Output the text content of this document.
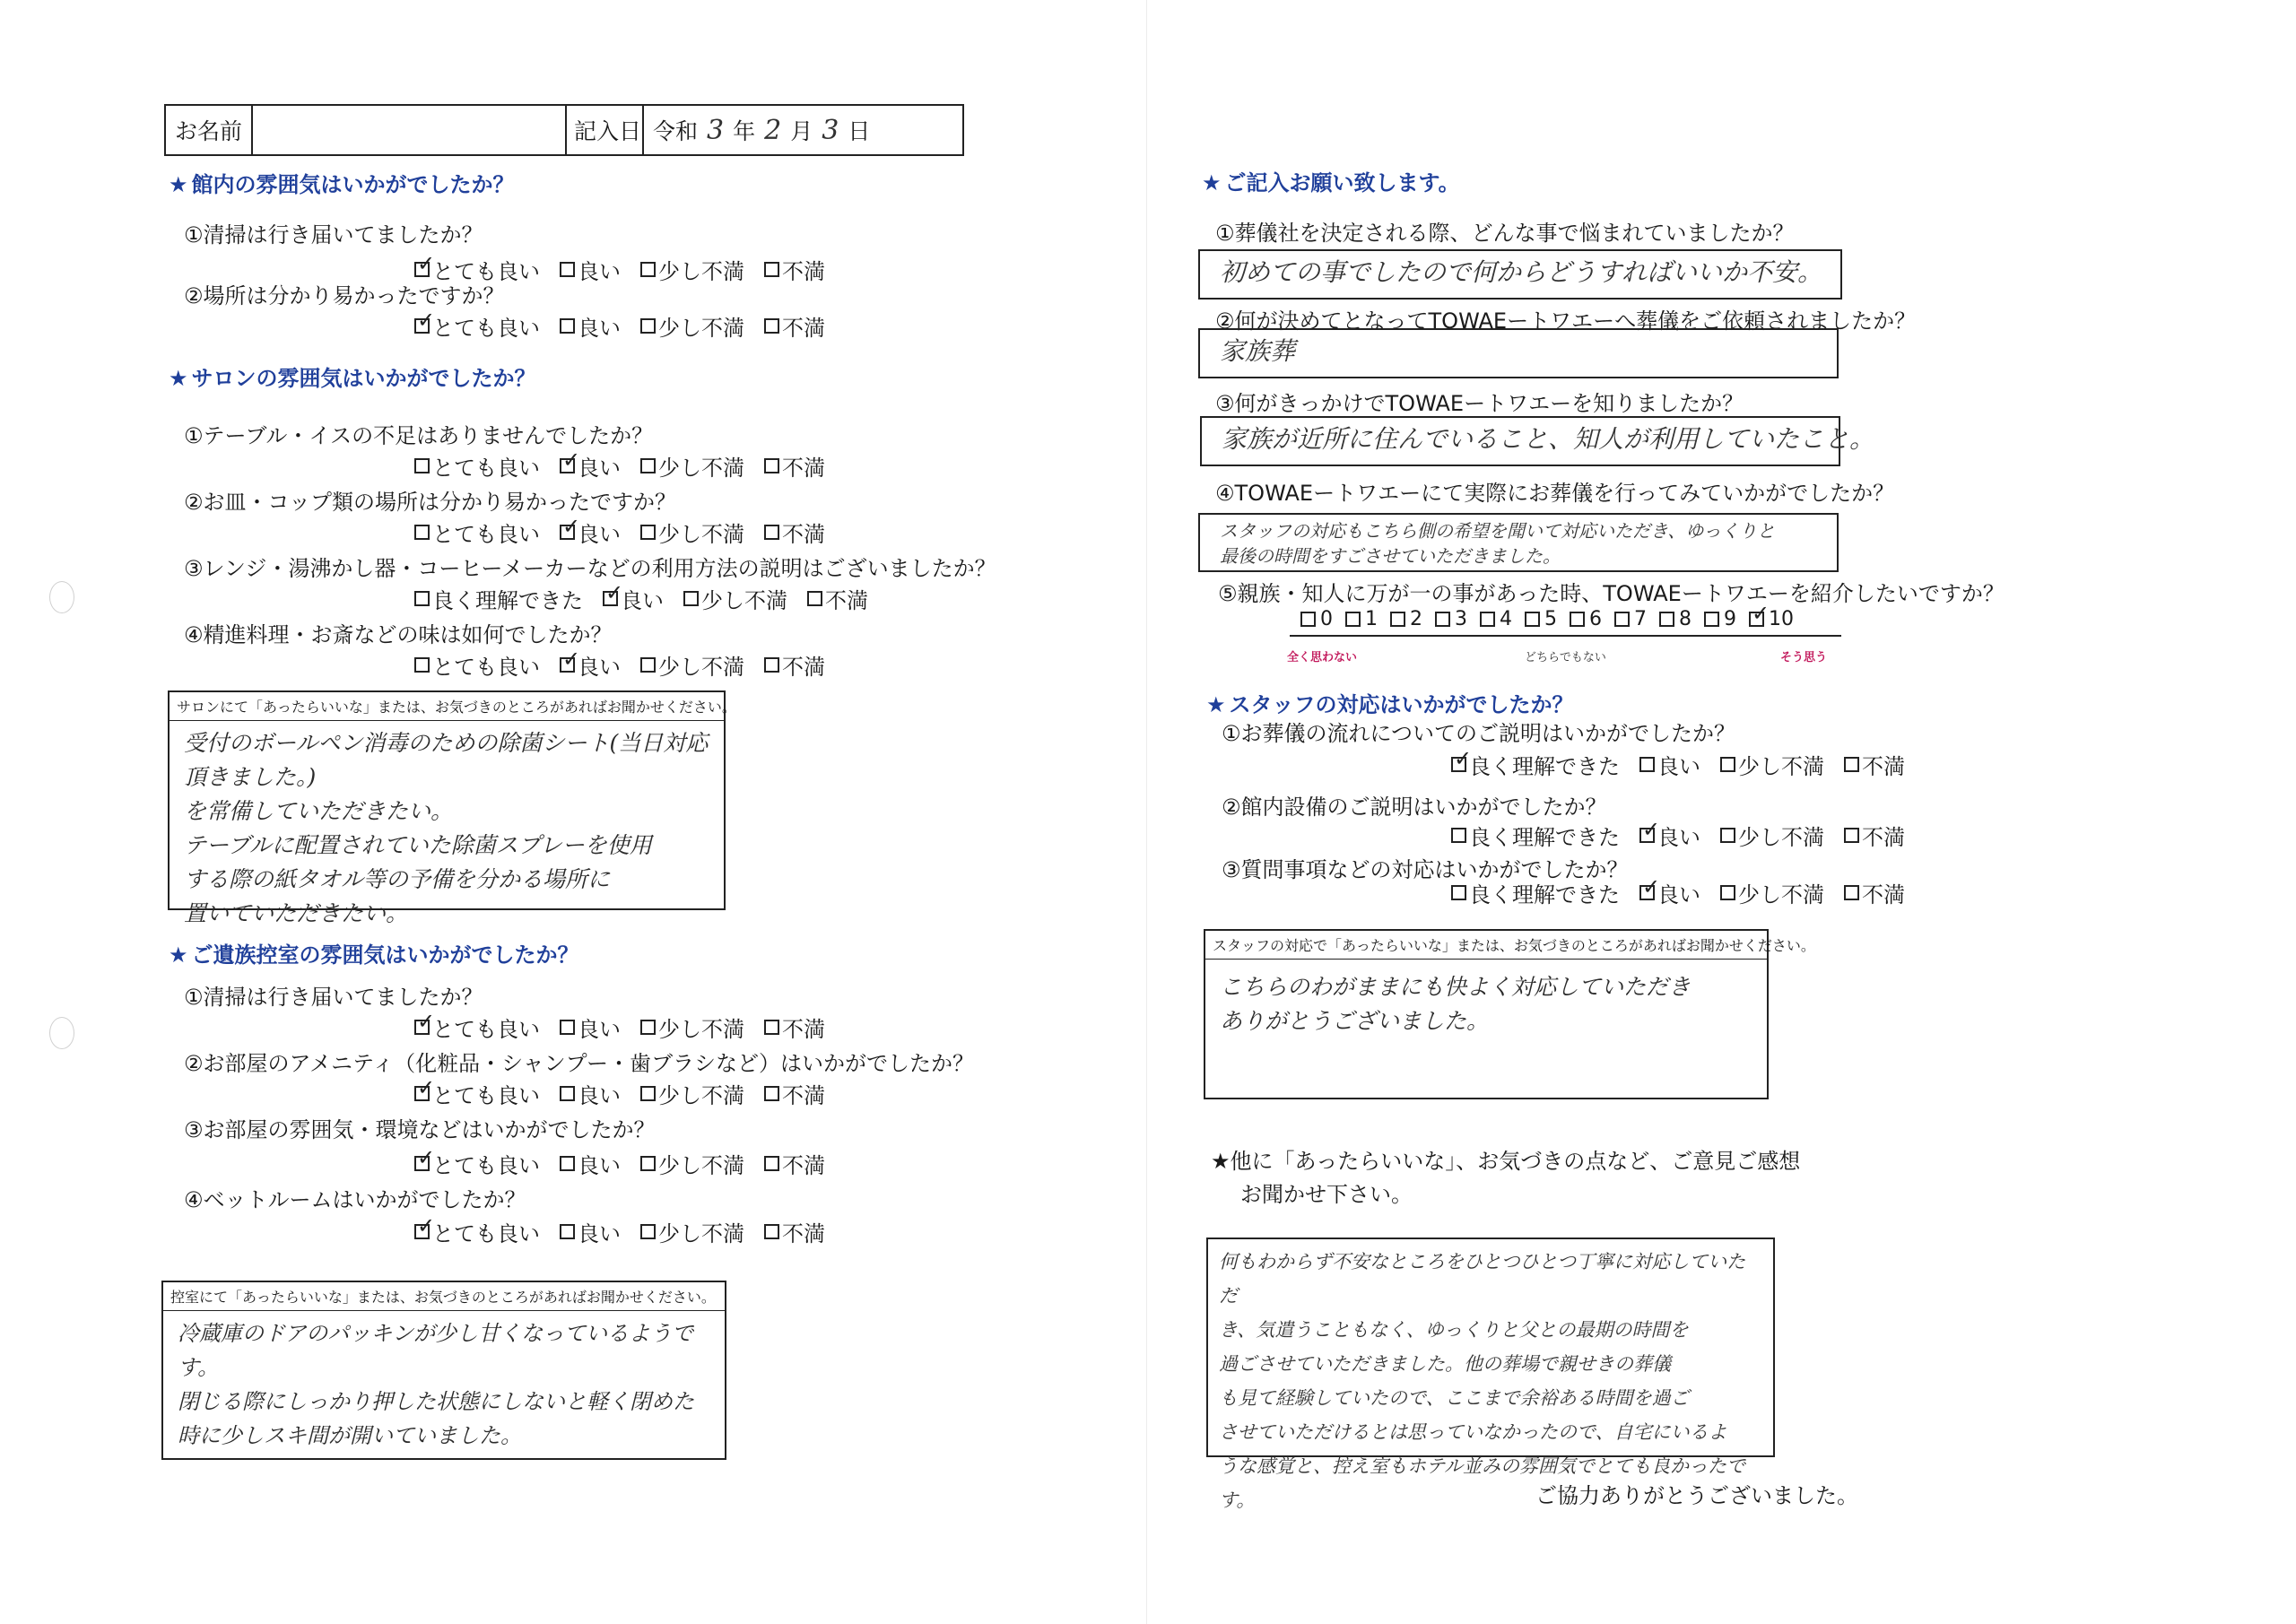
お名前	記入日 令和 3 年 2 月 3 日
★ 館内の雰囲気はいかがでしたか？
①清掃は行き届いてましたか？
✓
とても良い 良い 少し不満 不満
②場所は分かり易かったですか？
✓
とても良い 良い 少し不満 不満
★ サロンの雰囲気はいかがでしたか？
①テーブル・イスの不足はありませんでしたか？
とても良い ✓ 良い 少し不満 不満
②お皿・コップ類の場所は分かり易かったですか？
とても良い ✓ 良い 少し不満 不満
③レンジ・湯沸かし器・コーヒーメーカーなどの利用方法の説明はございましたか？
良く理解できた ✓ 良い 少し不満 不満
④精進料理・お斎などの味は如何でしたか？
とても良い ✓ 良い 少し不満 不満
サロンにて「あったらいいな」または、お気づきのところがあればお聞かせください。
受付のボールペン消毒のための除菌シート(当日対応頂きました。)
を常備していただきたい。
テーブルに配置されていた除菌スプレーを使用
する際の紙タオル等の予備を分かる場所に
置いていただきたい。
★ ご遺族控室の雰囲気はいかがでしたか？
①清掃は行き届いてましたか？
✓
とても良い 良い 少し不満 不満
②お部屋のアメニティ（化粧品・シャンプー・歯ブラシなど）はいかがでしたか？
✓
とても良い 良い 少し不満 不満
③お部屋の雰囲気・環境などはいかがでしたか？
✓
とても良い 良い 少し不満 不満
④ベットルームはいかがでしたか？
✓
とても良い 良い 少し不満 不満
控室にて「あったらいいな」または、お気づきのところがあればお聞かせください。
冷蔵庫のドアのパッキンが少し甘くなっているようです。
閉じる際にしっかり押した状態にしないと軽く閉めた
時に少しスキ間が開いていました。
★ ご記入お願い致します。
①葬儀社を決定される際、どんな事で悩まれていましたか？
初めての事でしたので何からどうすればいいか不安。
②何が決めてとなってTOWAEートワエーへ葬儀をご依頼されましたか？
家族葬
③何がきっかけでTOWAEートワエーを知りましたか？
家族が近所に住んでいること、知人が利用していたこと。
④TOWAEートワエーにて実際にお葬儀を行ってみていかがでしたか？
スタッフの対応もこちら側の希望を聞いて対応いただき、ゆっくりと
最後の時間をすごさせていただきました。
⑤親族・知人に万が一の事があった時、TOWAEートワエーを紹介したいですか？
0 1 2 3 4 5 6 7 8 9 ✓ 10
全く思わない	どちらでもない	そう思う
★ スタッフの対応はいかがでしたか？
①お葬儀の流れについてのご説明はいかがでしたか？
✓
良く理解できた 良い 少し不満 不満
②館内設備のご説明はいかがでしたか？
良く理解できた ✓ 良い 少し不満 不満
③質問事項などの対応はいかがでしたか？
良く理解できた ✓ 良い 少し不満 不満
スタッフの対応で「あったらいいな」または、お気づきのところがあればお聞かせください。
こちらのわがままにも快よく対応していただき
ありがとうございました。
★他に「あったらいいな」、お気づきの点など、ご意見ご感想
お聞かせ下さい。
何もわからず不安なところをひとつひとつ丁寧に対応していただ
き、気遣うこともなく、ゆっくりと父との最期の時間を
過ごさせていただきました。他の葬場で親せきの葬儀
も見て経験していたので、ここまで余裕ある時間を過ご
させていただけるとは思っていなかったので、自宅にいるよ
うな感覚と、控え室もホテル並みの雰囲気でとても良かったです。	ご協力ありがとうございました。
